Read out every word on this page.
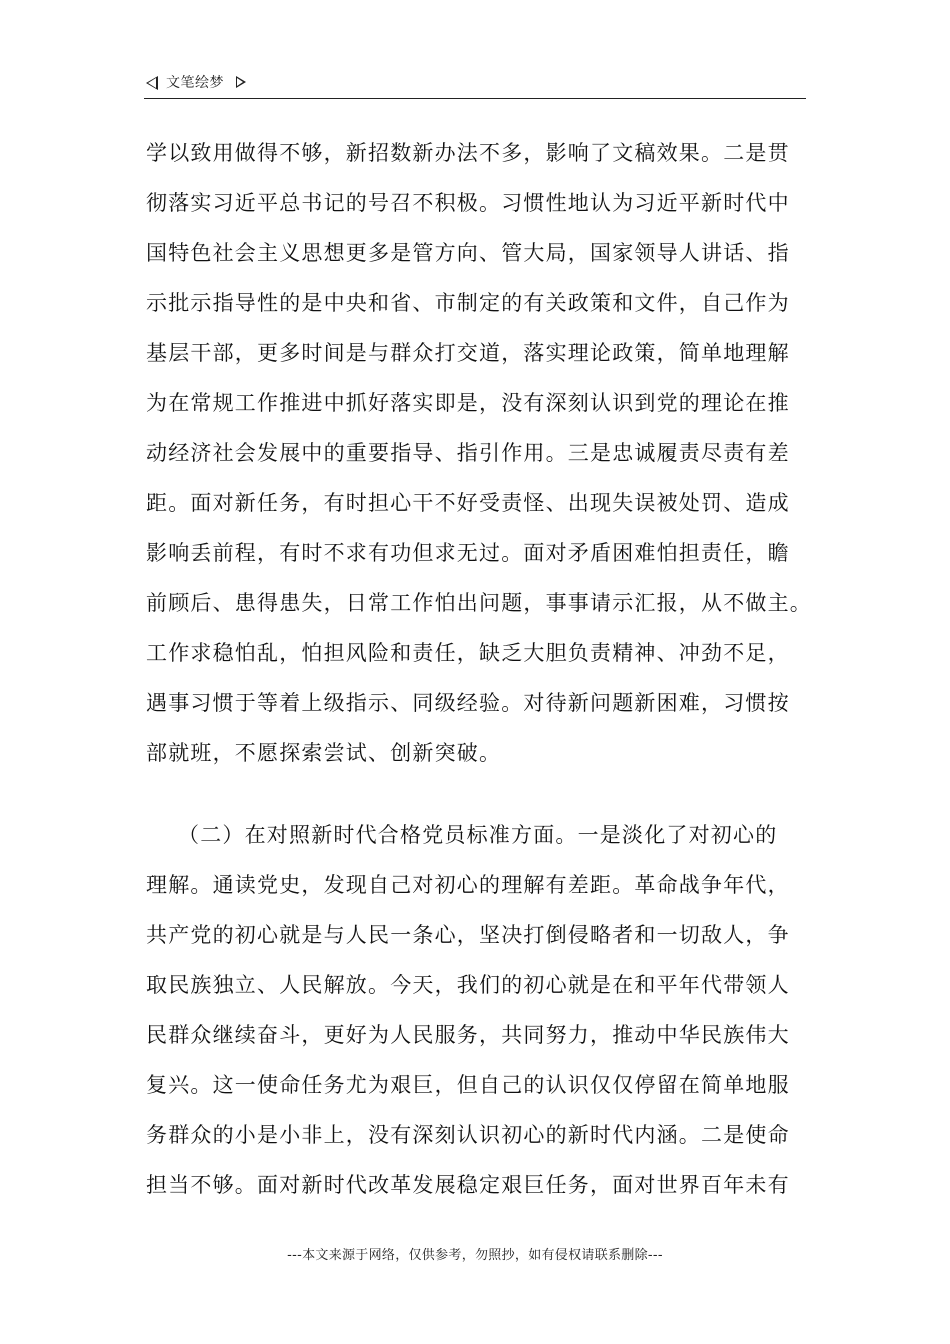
文笔绘梦
学以致用做得不够，新招数新办法不多，影响了文稿效果。二是贯
彻落实习近平总书记的号召不积极。习惯性地认为习近平新时代中
国特色社会主义思想更多是管方向、管大局，国家领导人讲话、指
示批示指导性的是中央和省、市制定的有关政策和文件，自己作为
基层干部，更多时间是与群众打交道，落实理论政策，简单地理解
为在常规工作推进中抓好落实即是，没有深刻认识到党的理论在推
动经济社会发展中的重要指导、指引作用。三是忠诚履责尽责有差
距。面对新任务，有时担心干不好受责怪、出现失误被处罚、造成
影响丢前程，有时不求有功但求无过。面对矛盾困难怕担责任，瞻
前顾后、患得患失，日常工作怕出问题，事事请示汇报，从不做主。
工作求稳怕乱，怕担风险和责任，缺乏大胆负责精神、冲劲不足，
遇事习惯于等着上级指示、同级经验。对待新问题新困难，习惯按
部就班，不愿探索尝试、创新突破。
（二）在对照新时代合格党员标准方面。一是淡化了对初心的
理解。通读党史，发现自己对初心的理解有差距。革命战争年代，
共产党的初心就是与人民一条心，坚决打倒侵略者和一切敌人，争
取民族独立、人民解放。今天，我们的初心就是在和平年代带领人
民群众继续奋斗，更好为人民服务，共同努力，推动中华民族伟大
复兴。这一使命任务尤为艰巨，但自己的认识仅仅停留在简单地服
务群众的小是小非上，没有深刻认识初心的新时代内涵。二是使命
担当不够。面对新时代改革发展稳定艰巨任务，面对世界百年未有
---本文来源于网络，仅供参考，勿照抄，如有侵权请联系删除---
